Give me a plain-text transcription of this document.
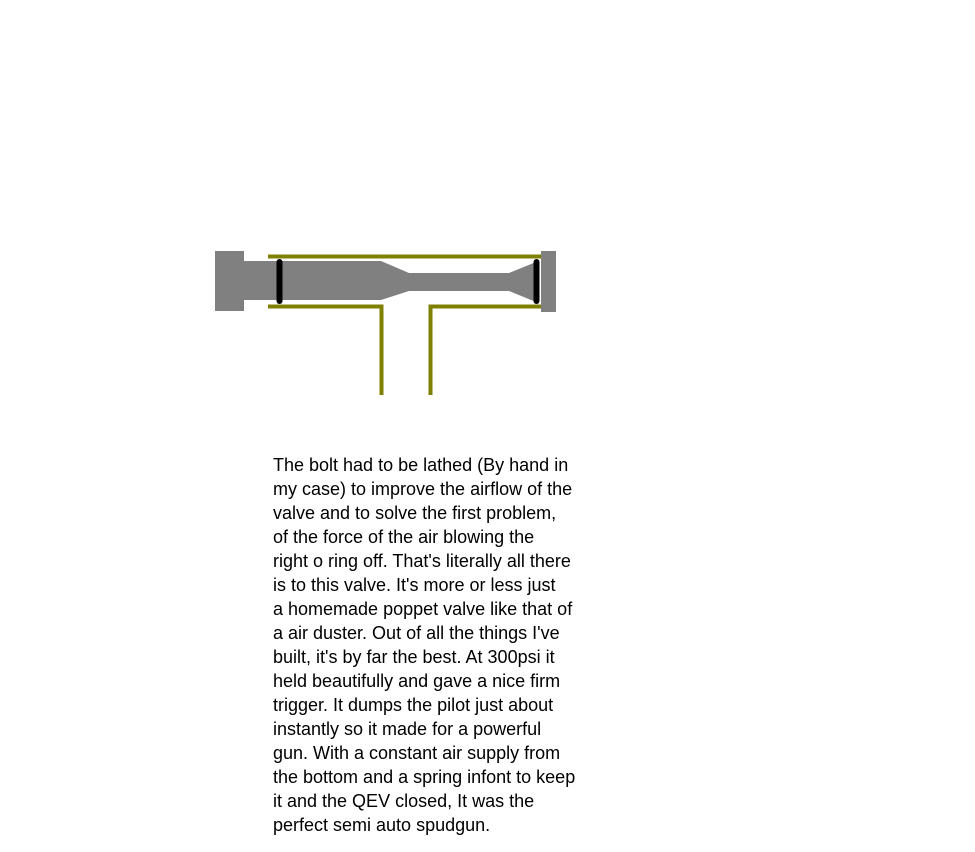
The bolt had to be lathed (By hand in
my case) to improve the airflow of the
valve and to solve the first problem,
of the force of the air blowing the
right o ring off. That's literally all there
is to this valve. It's more or less just
a homemade poppet valve like that of
a air duster. Out of all the things I've
built, it's by far the best. At 300psi it
held beautifully and gave a nice firm
trigger. It dumps the pilot just about
instantly so it made for a powerful
gun. With a constant air supply from
the bottom and a spring infont to keep
it and the QEV closed, It was the
perfect semi auto spudgun.
